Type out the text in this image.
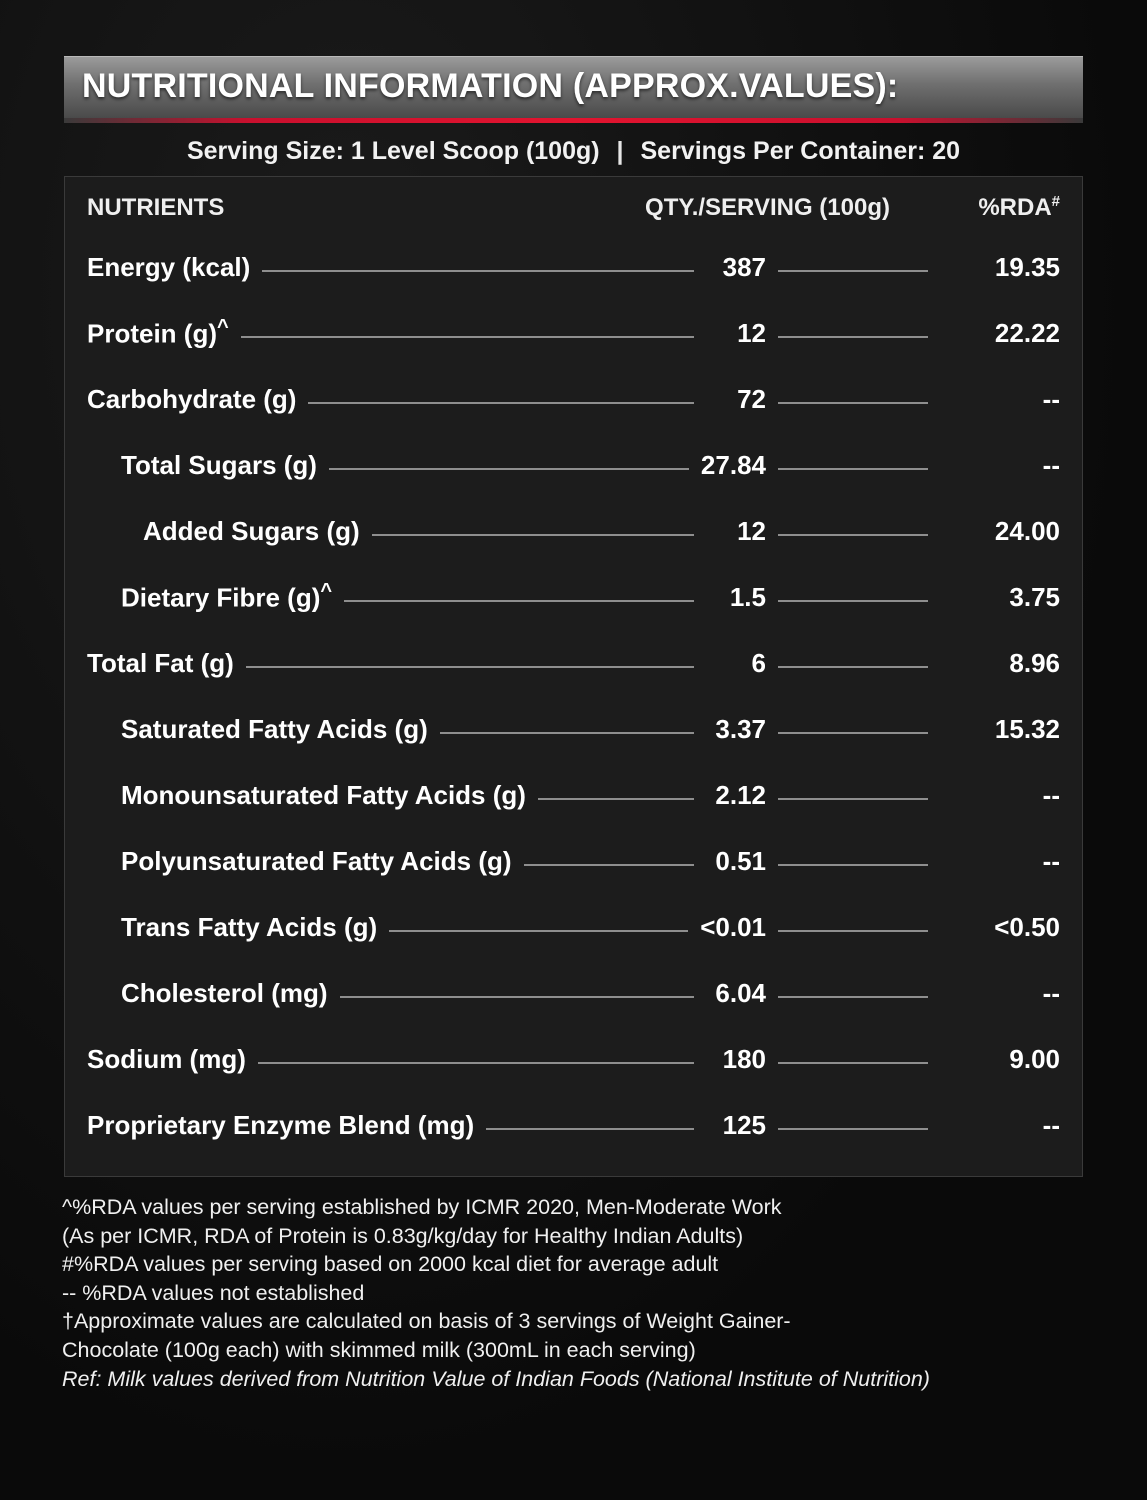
NUTRITIONAL INFORMATION (APPROX.VALUES):
Serving Size: 1 Level Scoop (100g) | Servings Per Container: 20
NUTRIENTS	QTY./SERVING (100g)	%RDA#
Energy (kcal)	387	19.35
Protein (g)^	12	22.22
Carbohydrate (g)	72	--
Total Sugars (g)	27.84	--
Added Sugars (g)	12	24.00
Dietary Fibre (g)^	1.5	3.75
Total Fat (g)	6	8.96
Saturated Fatty Acids (g)	3.37	15.32
Monounsaturated Fatty Acids (g)	2.12	--
Polyunsaturated Fatty Acids (g)	0.51	--
Trans Fatty Acids (g)	<0.01	<0.50
Cholesterol (mg)	6.04	--
Sodium (mg)	180	9.00
Proprietary Enzyme Blend (mg)	125	--
^%RDA values per serving established by ICMR 2020, Men-Moderate Work
(As per ICMR, RDA of Protein is 0.83g/kg/day for Healthy Indian Adults)
#%RDA values per serving based on 2000 kcal diet for average adult
-- %RDA values not established
†Approximate values are calculated on basis of 3 servings of Weight Gainer-
Chocolate (100g each) with skimmed milk (300mL in each serving)
Ref: Milk values derived from Nutrition Value of Indian Foods (National Institute of Nutrition)
